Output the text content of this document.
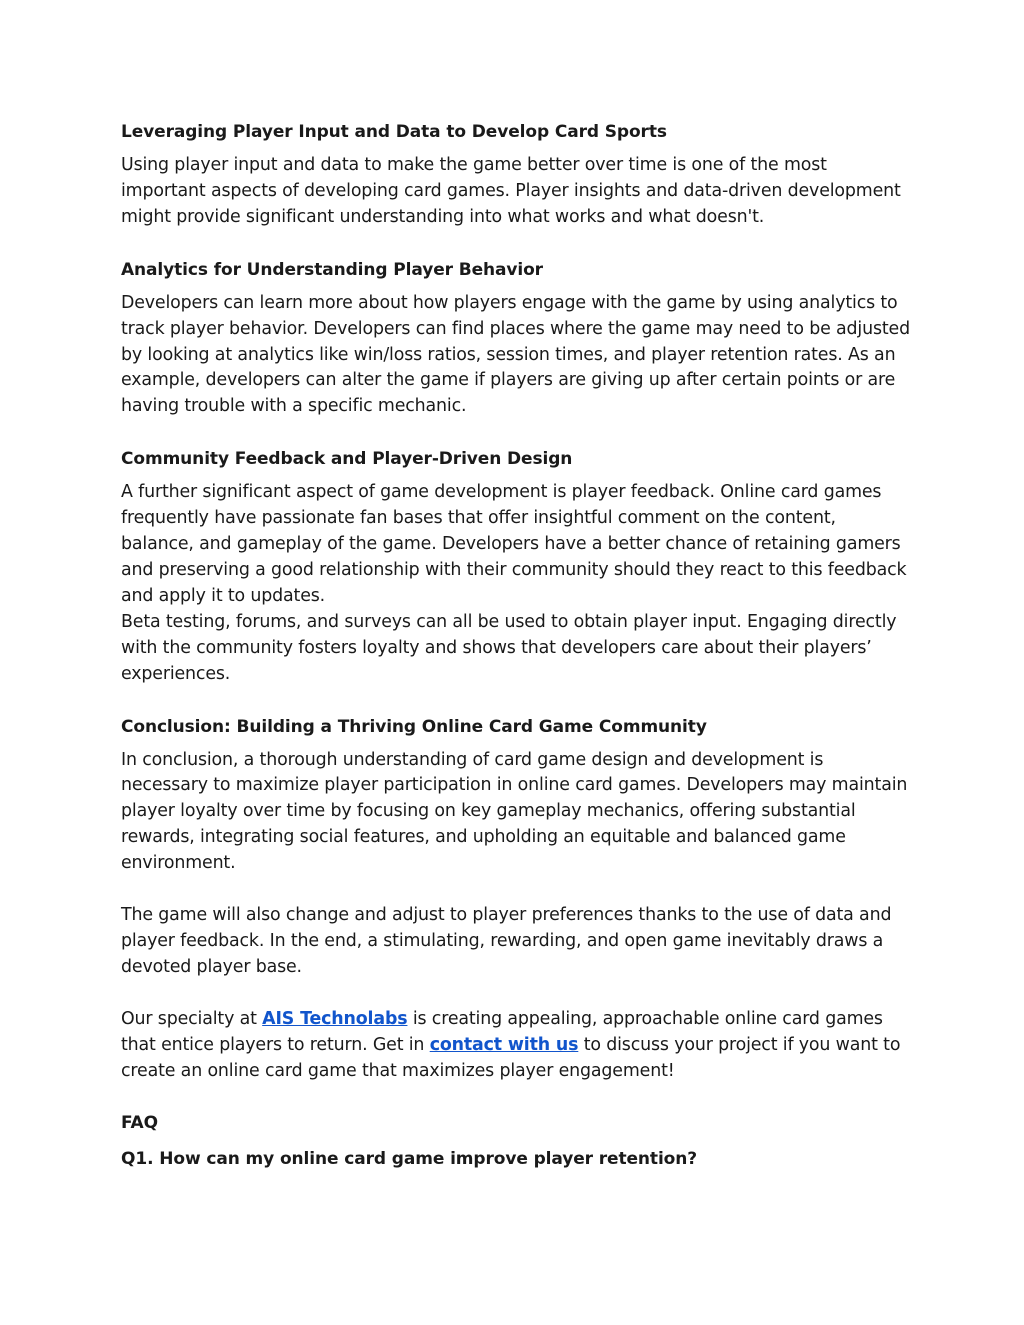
Leveraging Player Input and Data to Develop Card Sports

Using player input and data to make the game better over time is one of the most important aspects of developing card games. Player insights and data-driven development might provide significant understanding into what works and what doesn't.

Analytics for Understanding Player Behavior

Developers can learn more about how players engage with the game by using analytics to track player behavior. Developers can find places where the game may need to be adjusted by looking at analytics like win/loss ratios, session times, and player retention rates. As an example, developers can alter the game if players are giving up after certain points or are having trouble with a specific mechanic.

Community Feedback and Player-Driven Design

A further significant aspect of game development is player feedback. Online card games frequently have passionate fan bases that offer insightful comment on the content, balance, and gameplay of the game. Developers have a better chance of retaining gamers and preserving a good relationship with their community should they react to this feedback and apply it to updates.

Beta testing, forums, and surveys can all be used to obtain player input. Engaging directly with the community fosters loyalty and shows that developers care about their players’ experiences.

Conclusion: Building a Thriving Online Card Game Community

In conclusion, a thorough understanding of card game design and development is necessary to maximize player participation in online card games. Developers may maintain player loyalty over time by focusing on key gameplay mechanics, offering substantial rewards, integrating social features, and upholding an equitable and balanced game environment.

The game will also change and adjust to player preferences thanks to the use of data and player feedback. In the end, a stimulating, rewarding, and open game inevitably draws a devoted player base.

Our specialty at AIS Technolabs is creating appealing, approachable online card games that entice players to return. Get in contact with us to discuss your project if you want to create an online card game that maximizes player engagement!

FAQ

Q1. How can my online card game improve player retention?
